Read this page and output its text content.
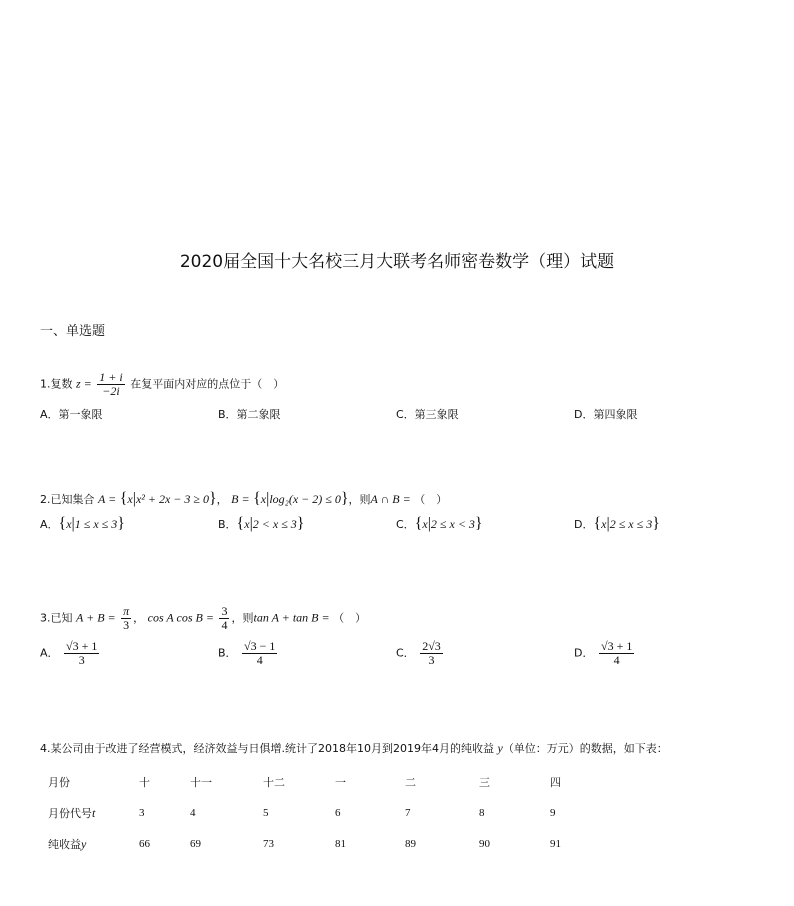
2020届全国十大名校三月大联考名师密卷数学（理）试题
一、单选题
1.复数 $z = \frac{1 + i}{-2i}$ 在复平面内对应的点位于（　）
A．第一象限	B．第二象限	C．第三象限	D．第四象限
2.已知集合 A = {x|x² + 2x − 3 ≥ 0}， B = {x|log₂(x − 2) ≤ 0}，则A ∩ B = （　）
A．{x|1 ≤ x ≤ 3}	B．{x|2 < x ≤ 3}	C．{x|2 ≤ x < 3}	D．{x|2 ≤ x ≤ 3}
3.已知 $A + B = \frac{\pi}{3}$ ， cos A $\cos B = \frac{3}{4}$ ，则tan A + tan B = （　）
A． $\frac{√3 + 1}{3}$	B． $\frac{√3 - 1}{4}$	C． $\frac{2√3}{3}$	D． $\frac{√3 + 1}{4}$
4.某公司由于改进了经营模式，经济效益与日俱增.统计了2018年10月到2019年4月的纯收益 y（单位：万元）的数据，如下表：
月份	十	十一	十二	一	二	三	四
月份代号t	3	4	5	6	7	8	9
纯收益y	66	69	73	81	89	90	91
